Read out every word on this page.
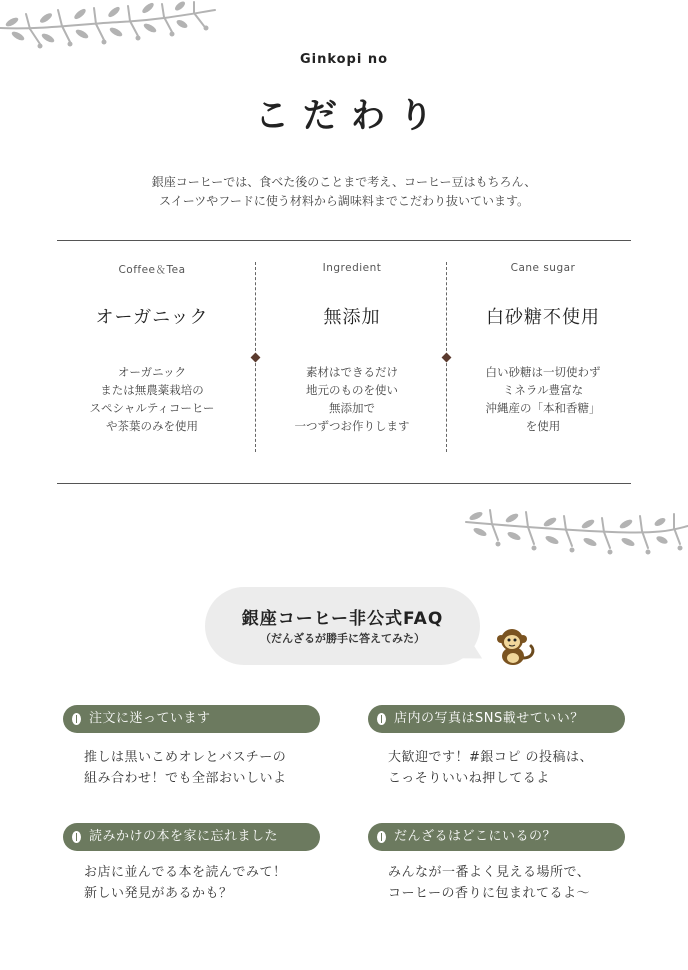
Ginkopi no
こだわり

銀座コーヒーでは、食べた後のことまで考え、コーヒー豆はもちろん、

スイーツやフードに使う材料から調味料までこだわり抜いています。

Coffee＆Tea
オーガニック
オーガニック
または無農薬栽培の
スペシャルティコーヒー
や茶葉のみを使用
Ingredient
無添加
素材はできるだけ
地元のものを使い
無添加で
一つずつお作りします
Cane sugar
白砂糖不使用
白い砂糖は一切使わず
ミネラル豊富な
沖縄産の「本和香糖」
を使用
銀座コーヒー非公式FAQ
（だんざるが勝手に答えてみた）
注文に迷っています
推しは黒いこめオレとバスチーの
組み合わせ！でも全部おいしいよ
店内の写真はSNS載せていい？
大歓迎です！#銀コピ の投稿は、
こっそりいいね押してるよ
読みかけの本を家に忘れました
お店に並んでる本を読んでみて！
新しい発見があるかも？
だんざるはどこにいるの？
みんなが一番よく見える場所で、
コーヒーの香りに包まれてるよ〜
